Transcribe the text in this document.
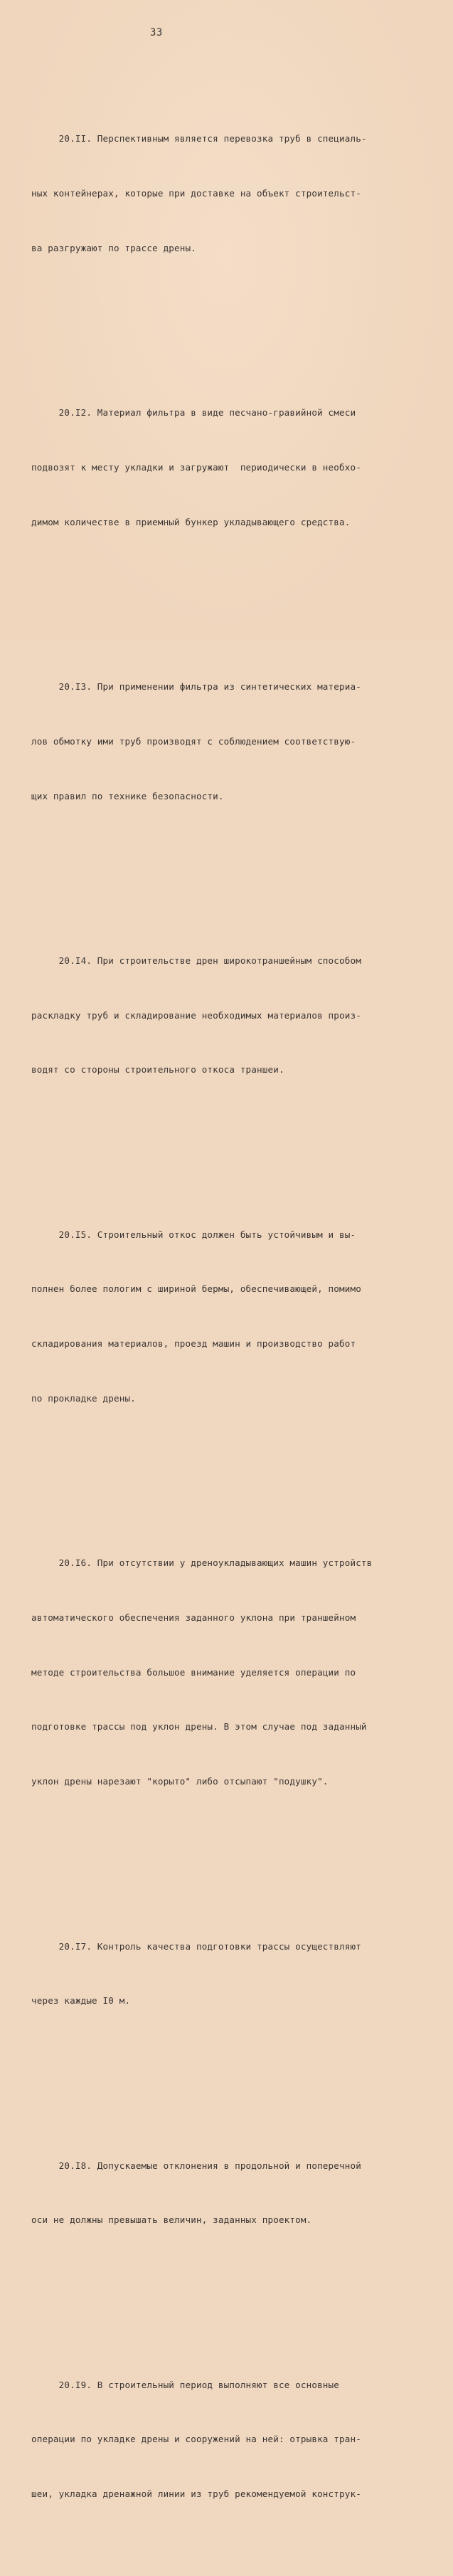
33

20.II. Перспективным является перевозка труб в специаль-

ных контейнерах, которые при доставке на объект строительст-

ва разгружают по трассе дрены.

20.I2. Материал фильтра в виде песчано-гравийной смеси

подвозят к месту укладки и загружают  периодически в необхо-

димом количестве в приемный бункер укладывающего средства.

20.I3. При применении фильтра из синтетических материа-

лов обмотку ими труб производят с соблюдением соответствую-

щих правил по технике безопасности.

20.I4. При строительстве дрен широкотраншейным способом

раскладку труб и складирование необходимых материалов произ-

водят со стороны строительного откоса траншеи.

20.I5. Строительный откос должен быть устойчивым и вы-

полнен более пологим с шириной бермы, обеспечивающей, помимо

складирования материалов, проезд машин и производство работ

по прокладке дрены.

20.I6. При отсутствии у дреноукладывающих машин устройств

автоматического обеспечения заданного уклона при траншейном

методе строительства большое внимание уделяется операции по

подготовке трассы под уклон дрены. В этом случае под заданный

уклон дрены нарезают "корыто" либо отсыпают "подушку".

20.I7. Контроль качества подготовки трассы осуществляют

через каждые I0 м.

20.I8. Допускаемые отклонения в продольной и поперечной

оси не должны превышать величин, заданных проектом.

20.I9. В строительный период выполняют все основные

операции по укладке дрены и сооружений на ней: отрывка тран-

шеи, укладка дренажной линии из труб рекомендуемой конструк-
